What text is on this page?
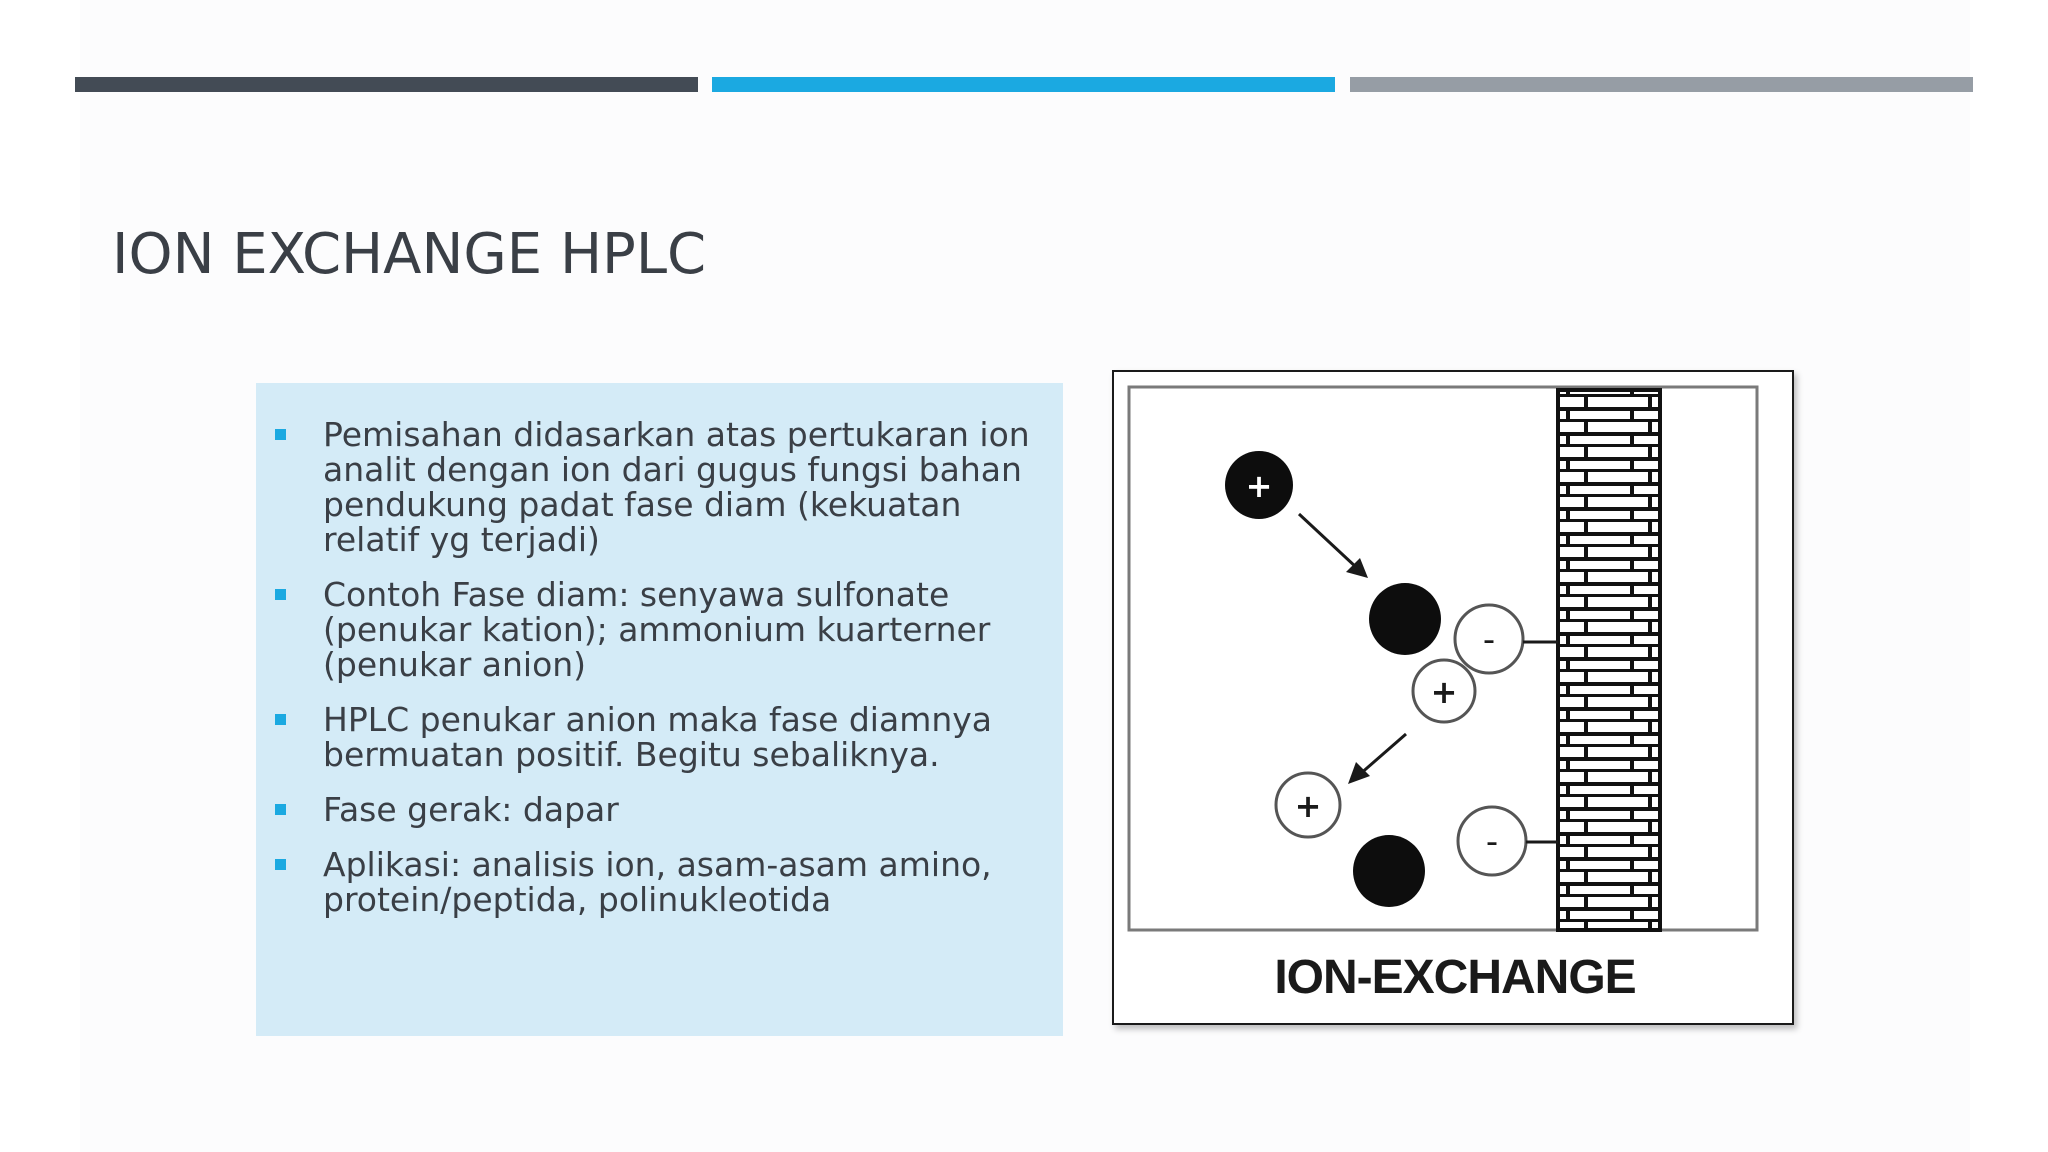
ION EXCHANGE HPLC
Pemisahan didasarkan atas pertukaran ion analit dengan ion dari gugus fungsi bahan pendukung padat fase diam (kekuatan relatif yg terjadi)
Contoh Fase diam: senyawa sulfonate (penukar kation); ammonium kuarterner (penukar anion)
HPLC penukar anion maka fase diamnya bermuatan positif. Begitu sebaliknya.
Fase gerak: dapar
Aplikasi: analisis ion, asam-asam amino, protein/peptida, polinukleotida
+
-
+
+
-
ION-EXCHANGE
